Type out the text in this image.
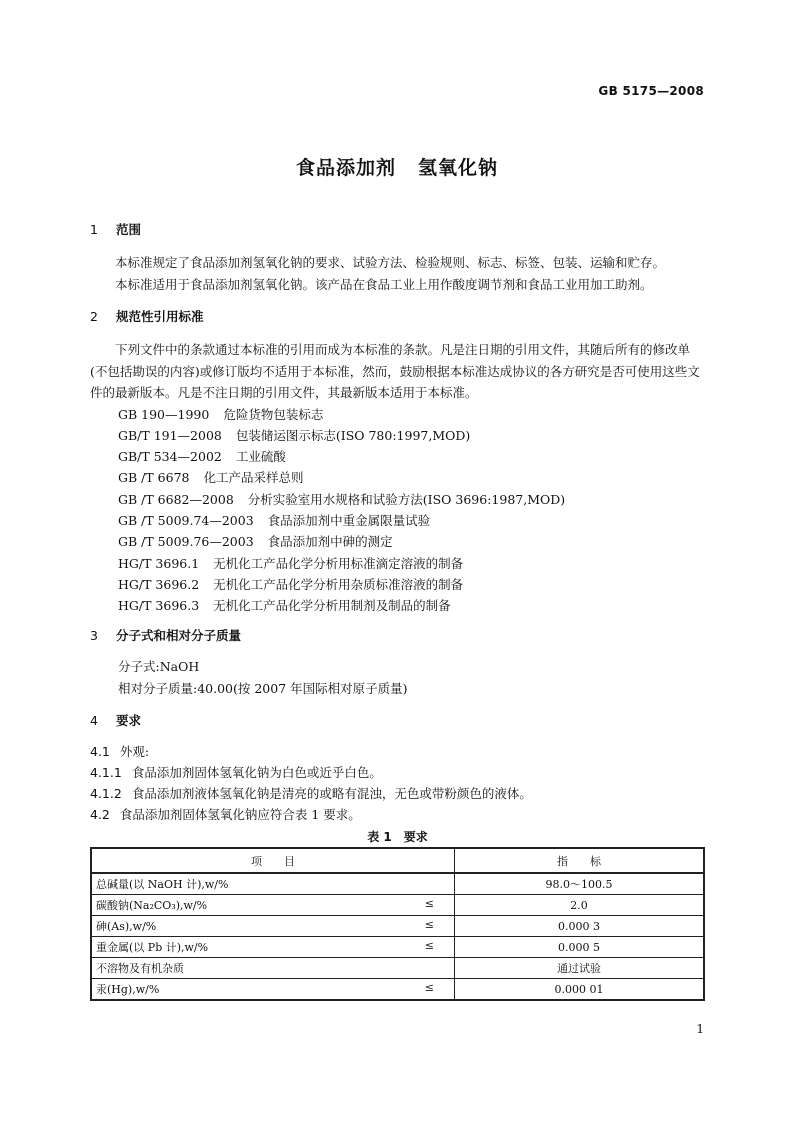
GB 5175—2008
食品添加剂 氢氧化钠
1 范围

本标准规定了食品添加剂氢氧化钠的要求、试验方法、检验规则、标志、标签、包装、运输和贮存。

本标准适用于食品添加剂氢氧化钠。该产品在食品工业上用作酸度调节剂和食品工业用加工助剂。

2 规范性引用标准

下列文件中的条款通过本标准的引用而成为本标准的条款。凡是注日期的引用文件，其随后所有的修改单(不包括勘误的内容)或修订版均不适用于本标准，然而，鼓励根据本标准达成协议的各方研究是否可使用这些文件的最新版本。凡是不注日期的引用文件，其最新版本适用于本标准。

GB 190—1990 危险货物包装标志
GB/T 191—2008 包装储运图示标志(ISO 780:1997,MOD)
GB/T 534—2002 工业硫酸
GB /T 6678 化工产品采样总则
GB /T 6682—2008 分析实验室用水规格和试验方法(ISO 3696:1987,MOD)
GB /T 5009.74—2003 食品添加剂中重金属限量试验
GB /T 5009.76—2003 食品添加剂中砷的测定
HG/T 3696.1 无机化工产品化学分析用标准滴定溶液的制备
HG/T 3696.2 无机化工产品化学分析用杂质标准溶液的制备
HG/T 3696.3 无机化工产品化学分析用制剂及制品的制备
3 分子式和相对分子质量
分子式:NaOH
相对分子质量:40.00(按 2007 年国际相对原子质量)
4 要求
4.1 外观:
4.1.1 食品添加剂固体氢氧化钠为白色或近乎白色。
4.1.2 食品添加剂液体氢氧化钠是清亮的或略有混浊，无色或带粉颜色的液体。
4.2 食品添加剂固体氢氧化钠应符合表 1 要求。
表 1 要求
项　　目	指　　标
总碱量(以 NaOH 计),w/%	98.0～100.5
碳酸钠(Na₂CO₃),w/% ≤	2.0
砷(As),w/% ≤	0.000 3
重金属(以 Pb 计),w/% ≤	0.000 5
不溶物及有机杂质	通过试验
汞(Hg),w/% ≤	0.000 01
1
